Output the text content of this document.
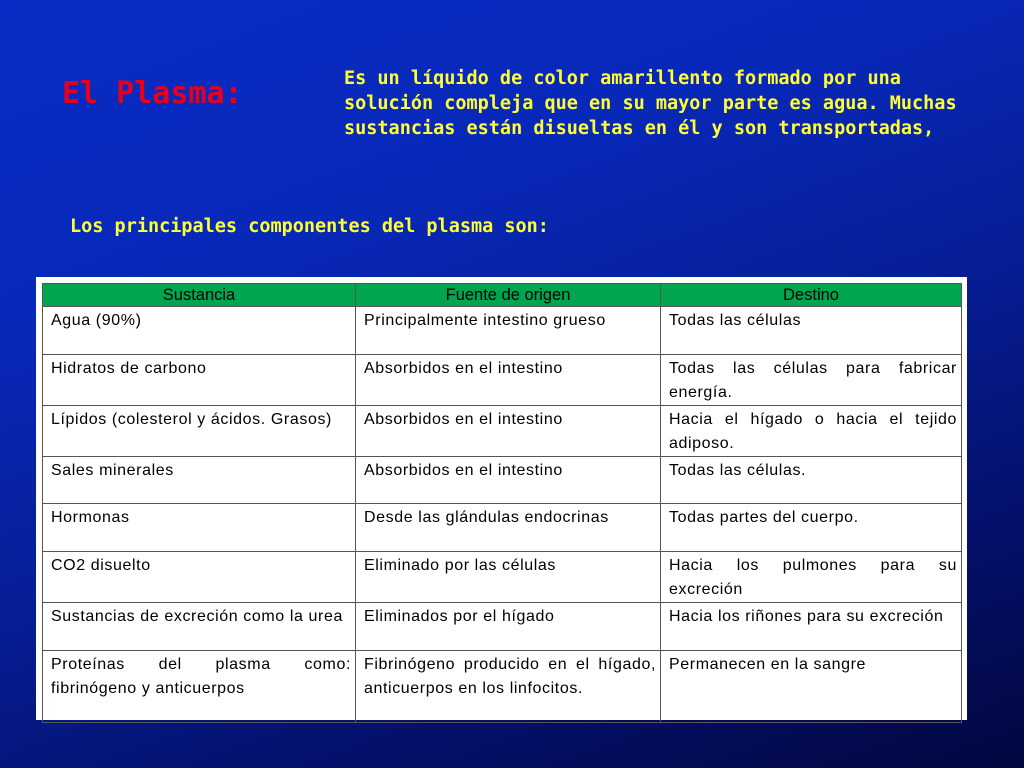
El Plasma:	Es un líquido de color amarillento formado por una solución compleja que en su mayor parte es agua. Muchas sustancias están disueltas en él y son transportadas,
Los principales componentes del plasma son:
Sustancia	Fuente de origen	Destino
Agua (90%)	Principalmente intestino grueso	Todas las células
Hidratos de carbono	Absorbidos en el intestino	Todas las células para fabricar energía.
Lípidos (colesterol y ácidos. Grasos)	Absorbidos en el intestino	Hacia el hígado o hacia el tejido adiposo.
Sales minerales	Absorbidos en el intestino	Todas las células.
Hormonas	Desde las glándulas endocrinas	Todas partes del cuerpo.
CO2 disuelto	Eliminado por las células	Hacia los pulmones para su excreción
Sustancias de excreción como la urea	Eliminados por el hígado	Hacia los riñones para su excreción
Proteínas del plasma como: fibrinógeno y anticuerpos	Fibrinógeno producido en el hígado, anticuerpos en los linfocitos.	Permanecen en la sangre
